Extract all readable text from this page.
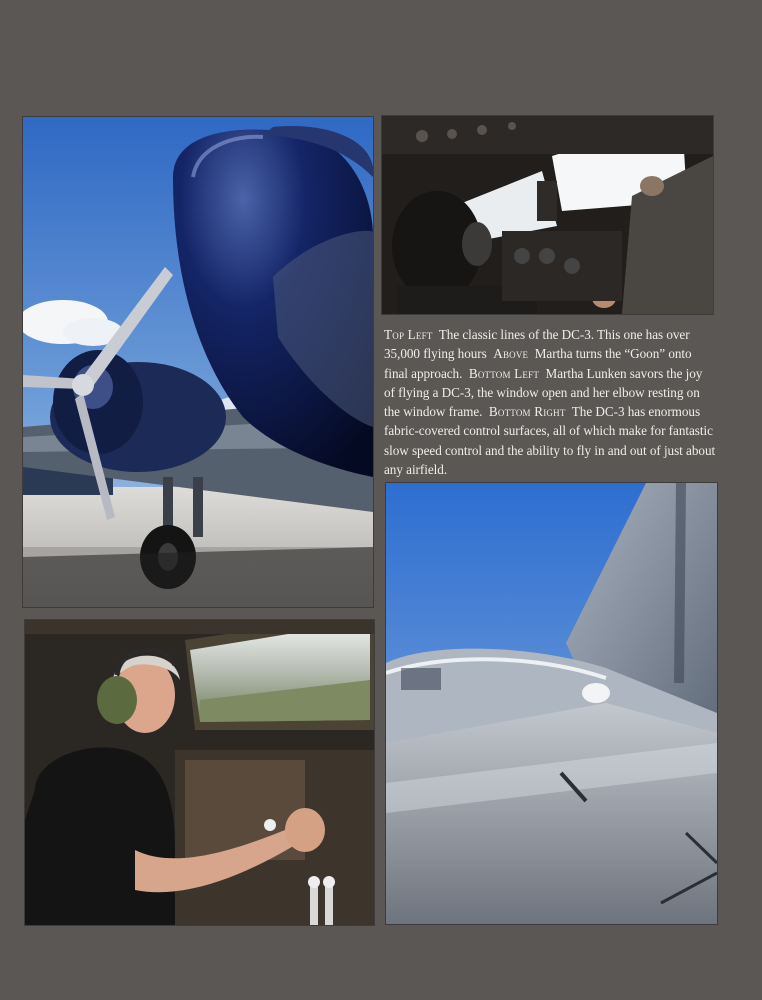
Top Left The classic lines of the DC-3. This one has over 35,000 flying hours Above Martha turns the “Goon” onto final approach. Bottom Left Martha Lunken savors the joy of flying a DC-3, the window open and her elbow resting on the window frame. Bottom Right The DC-3 has enormous fabric-covered control surfaces, all of which make for fantastic slow speed control and the ability to fly in and out of just about any airfield.
